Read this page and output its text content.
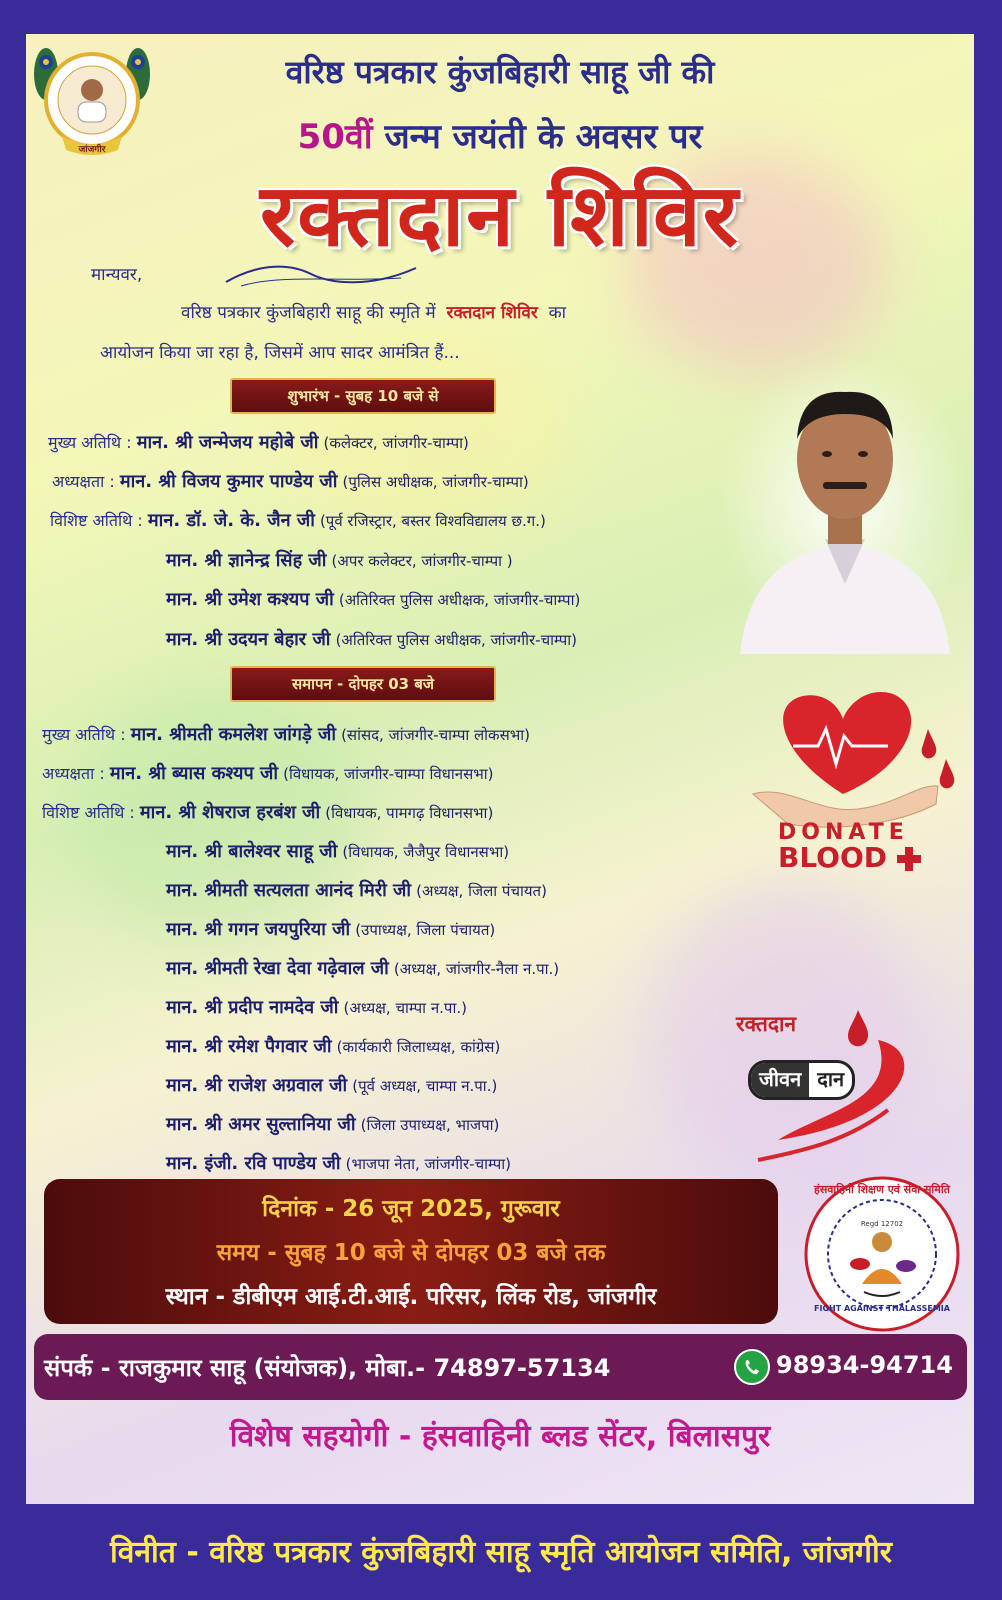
जांजगीर
वरिष्ठ पत्रकार कुंजबिहारी साहू जी की
50वीं जन्म जयंती के अवसर पर
रक्तदान शिविर
मान्यवर,
वरिष्ठ पत्रकार कुंजबिहारी साहू की स्मृति में रक्तदान शिविर का
आयोजन किया जा रहा है, जिसमें आप सादर आमंत्रित हैं...
शुभारंभ - सुबह 10 बजे से
मुख्य अतिथि : मान. श्री जन्मेजय महोबे जी (कलेक्टर, जांजगीर-चाम्पा)
अध्यक्षता : मान. श्री विजय कुमार पाण्डेय जी (पुलिस अधीक्षक, जांजगीर-चाम्पा)
विशिष्ट अतिथि : मान. डॉ. जे. के. जैन जी (पूर्व रजिस्ट्रार, बस्तर विश्वविद्यालय छ.ग.)
मान. श्री ज्ञानेन्द्र सिंह जी (अपर कलेक्टर, जांजगीर-चाम्पा )
मान. श्री उमेश कश्यप जी (अतिरिक्त पुलिस अधीक्षक, जांजगीर-चाम्पा)
मान. श्री उदयन बेहार जी (अतिरिक्त पुलिस अधीक्षक, जांजगीर-चाम्पा)
समापन - दोपहर 03 बजे
मुख्य अतिथि : मान. श्रीमती कमलेश जांगड़े जी (सांसद, जांजगीर-चाम्पा लोकसभा)
अध्यक्षता : मान. श्री ब्यास कश्यप जी (विधायक, जांजगीर-चाम्पा विधानसभा)
विशिष्ट अतिथि : मान. श्री शेषराज हरबंश जी (विधायक, पामगढ़ विधानसभा)
मान. श्री बालेश्वर साहू जी (विधायक, जैजैपुर विधानसभा)
मान. श्रीमती सत्यलता आनंद मिरी जी (अध्यक्ष, जिला पंचायत)
मान. श्री गगन जयपुरिया जी (उपाध्यक्ष, जिला पंचायत)
मान. श्रीमती रेखा देवा गढ़ेवाल जी (अध्यक्ष, जांजगीर-नैला न.पा.)
मान. श्री प्रदीप नामदेव जी (अध्यक्ष, चाम्पा न.पा.)
मान. श्री रमेश पैगवार जी (कार्यकारी जिलाध्यक्ष, कांग्रेस)
मान. श्री राजेश अग्रवाल जी (पूर्व अध्यक्ष, चाम्पा न.पा.)
मान. श्री अमर सुल्तानिया जी (जिला उपाध्यक्ष, भाजपा)
मान. इंजी. रवि पाण्डेय जी (भाजपा नेता, जांजगीर-चाम्पा)
DONATE
BLOOD
रक्तदान
जीवन दान
हंसवाहिनी शिक्षण एवं सेवा समिति
Regd 12702
FIGHT AGAINST THALASSEMIA
दिनांक - 26 जून 2025, गुरूवार
समय - सुबह 10 बजे से दोपहर 03 बजे तक
स्थान - डीबीएम आई.टी.आई. परिसर, लिंक रोड, जांजगीर
संपर्क - राजकुमार साहू (संयोजक), मोबा.- 74897-57134	98934-94714
विशेष सहयोगी - हंसवाहिनी ब्लड सेंटर, बिलासपुर
विनीत - वरिष्ठ पत्रकार कुंजबिहारी साहू स्मृति आयोजन समिति, जांजगीर
